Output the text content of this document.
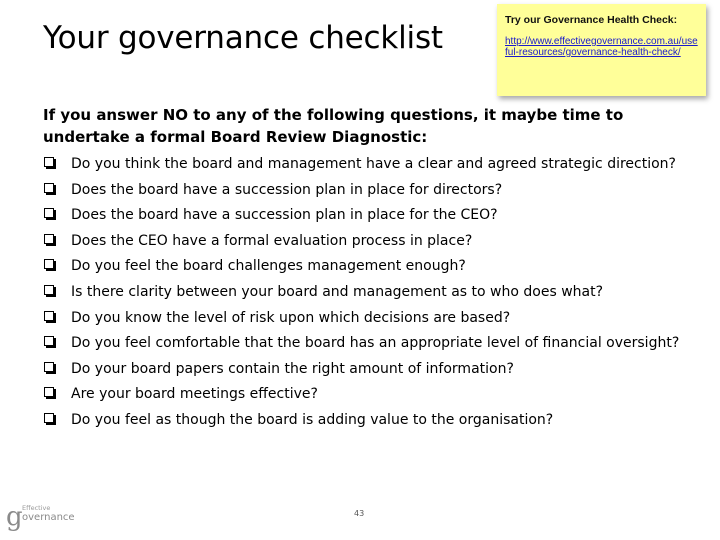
Your governance checklist	Try our Governance Health Check:
http://www.effectivegovernance.com.au/useful-resources/governance-health-check/
If you answer NO to any of the following questions, it maybe time to undertake a formal Board Review Diagnostic:
Do you think the board and management have a clear and agreed strategic direction?
Does the board have a succession plan in place for directors?
Does the board have a succession plan in place for the CEO?
Does the CEO have a formal evaluation process in place?
Do you feel the board challenges management enough?
Is there clarity between your board and management as to who does what?
Do you know the level of risk upon which decisions are based?
Do you feel comfortable that the board has an appropriate level of financial oversight?
Do your board papers contain the right amount of information?
Are your board meetings effective?
Do you feel as though the board is adding value to the organisation?
g Effective
overnance	43
